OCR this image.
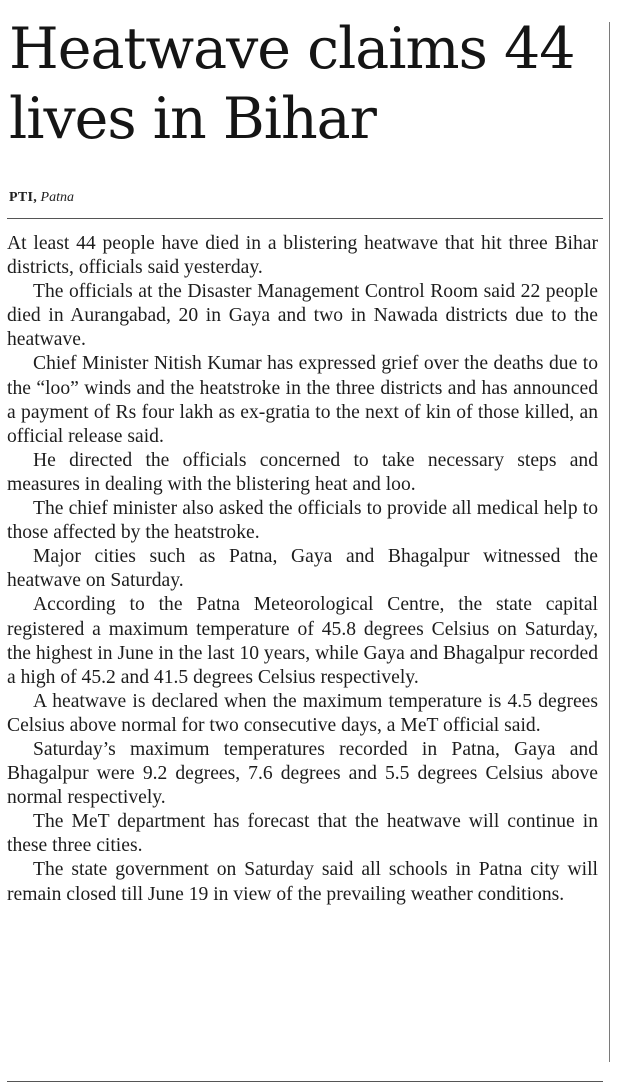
Heatwave claims 44 lives in Bihar
PTI, Patna

At least 44 people have died in a blistering heatwave that hit three Bihar districts, officials said yesterday.

The officials at the Disaster Management Control Room said 22 people died in Aurangabad, 20 in Gaya and two in Nawada districts due to the heatwave.

Chief Minister Nitish Kumar has expressed grief over the deaths due to the “loo” winds and the heatstroke in the three districts and has announced a payment of Rs four lakh as ex-gratia to the next of kin of those killed, an official release said.

He directed the officials concerned to take necessary steps and measures in dealing with the blistering heat and loo.

The chief minister also asked the officials to provide all medical help to those affected by the heatstroke.

Major cities such as Patna, Gaya and Bhagalpur witnessed the heatwave on Saturday.

According to the Patna Meteorological Centre, the state capital registered a maximum temperature of 45.8 degrees Celsius on Saturday, the highest in June in the last 10 years, while Gaya and Bhagalpur recorded a high of 45.2 and 41.5 degrees Celsius respectively.

A heatwave is declared when the maximum temperature is 4.5 degrees Celsius above normal for two consecutive days, a MeT official said.

Saturday’s maximum temperatures recorded in Patna, Gaya and Bhagalpur were 9.2 degrees, 7.6 degrees and 5.5 degrees Celsius above normal respectively.

The MeT department has forecast that the heatwave will continue in these three cities.

The state government on Saturday said all schools in Patna city will remain closed till June 19 in view of the prevailing weather conditions.
